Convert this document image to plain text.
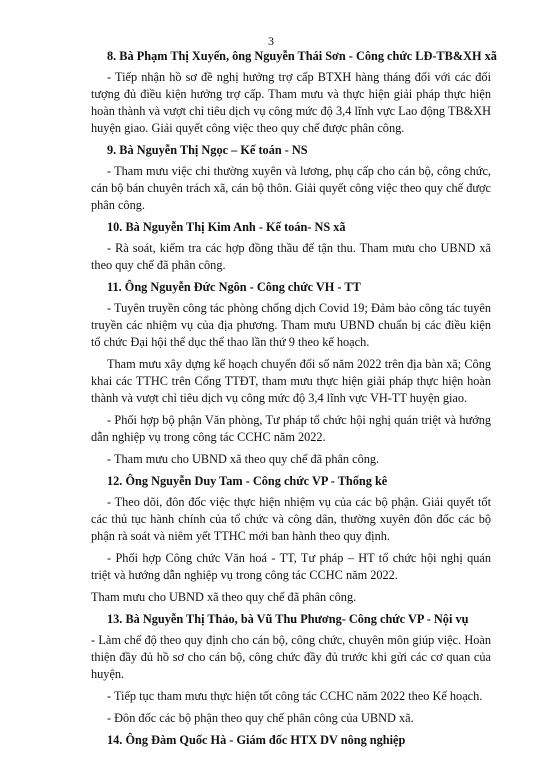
3
8. Bà Phạm Thị Xuyến, ông Nguyễn Thái Sơn - Công chức LĐ-TB&XH xã
- Tiếp nhận hồ sơ đề nghị hưởng trợ cấp BTXH hàng tháng đối với các đối tượng đủ điều kiện hưởng trợ cấp. Tham mưu và thực hiện giải pháp thực hiện hoàn thành và vượt chỉ tiêu dịch vụ công mức độ 3,4 lĩnh vực Lao động TB&XH huyện giao. Giải quyết công việc theo quy chế được phân công.
9. Bà Nguyễn Thị Ngọc – Kế toán - NS
- Tham mưu việc chi thường xuyên và lương, phụ cấp cho cán bộ, công chức, cán bộ bán chuyên trách xã, cán bộ thôn. Giải quyết công việc theo quy chế được phân công.
10. Bà Nguyễn Thị Kim Anh - Kế toán- NS xã
- Rà soát, kiểm tra các hợp đồng thầu để tận thu. Tham mưu cho UBND xã theo quy chế đã phân công.
11. Ông Nguyễn Đức Ngôn - Công chức VH - TT
- Tuyên truyền công tác phòng chống dịch Covid 19; Đảm bảo công tác tuyên truyền các nhiệm vụ của địa phương. Tham mưu UBND chuẩn bị các điều kiện tổ chức Đại hội thể dục thể thao lần thứ 9 theo kế hoạch.
Tham mưu xây dựng kế hoạch chuyển đổi số năm 2022 trên địa bàn xã; Công khai các TTHC trên Cổng TTĐT, tham mưu thực hiện giải pháp thực hiện hoàn thành và vượt chỉ tiêu dịch vụ công mức độ 3,4 lĩnh vực VH-TT huyện giao.
- Phối hợp bộ phận Văn phòng, Tư pháp tổ chức hội nghị quán triệt và hướng dẫn nghiệp vụ trong công tác CCHC năm 2022.
- Tham mưu cho UBND xã theo quy chế đã phân công.
12. Ông Nguyễn Duy Tam - Công chức VP - Thống kê
- Theo dõi, đôn đốc việc thực hiện nhiệm vụ của các bộ phận. Giải quyết tốt các thủ tục hành chính của tổ chức và công dân, thường xuyên đôn đốc các bộ phận rà soát và niêm yết TTHC mới ban hành theo quy định.
- Phối hợp Công chức Văn hoá - TT, Tư pháp – HT tổ chức hội nghị quán triệt và hướng dẫn nghiệp vụ trong công tác CCHC năm 2022.
Tham mưu cho UBND xã theo quy chế đã phân công.
13. Bà Nguyễn Thị Thảo, bà Vũ Thu Phương- Công chức VP - Nội vụ
- Làm chế độ theo quy định cho cán bộ, công chức, chuyên môn giúp việc. Hoàn thiện đầy đủ hồ sơ cho cán bộ, công chức đầy đủ trước khi gửi các cơ quan của huyện.
- Tiếp tục tham mưu thực hiện tốt công tác CCHC năm 2022 theo Kế hoạch.
- Đôn đốc các bộ phận theo quy chế phân công của UBND xã.
14. Ông Đàm Quốc Hà - Giám đốc HTX DV nông nghiệp
